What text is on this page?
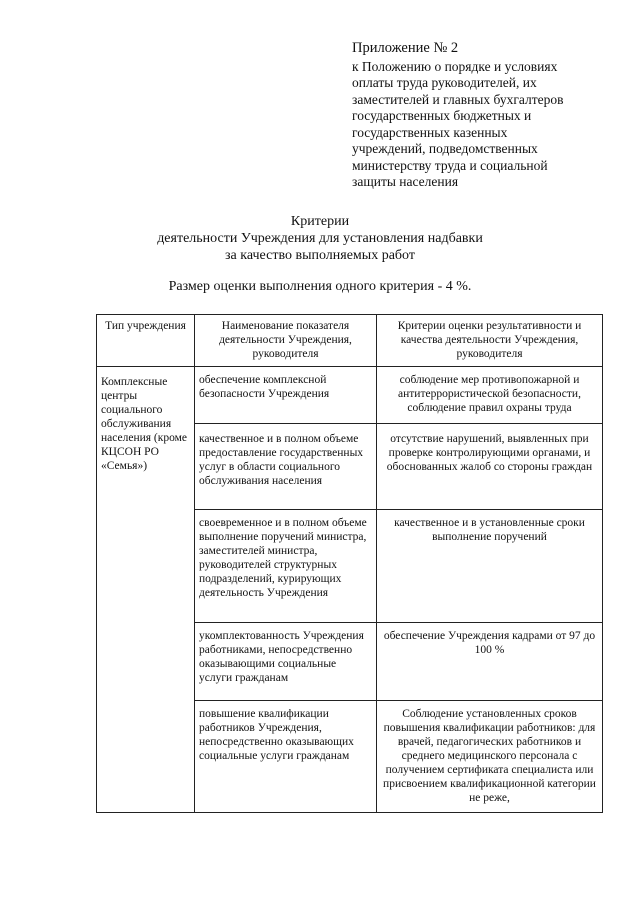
Приложение № 2
к Положению о порядке и условиях
оплаты труда руководителей, их
заместителей и главных бухгалтеров
государственных бюджетных и
государственных казенных
учреждений, подведомственных
министерству труда и социальной
защиты населения
Критерии
деятельности Учреждения для установления надбавки
за качество выполняемых работ
Размер оценки выполнения одного критерия - 4 %.
Тип учреждения	Наименование показателя деятельности Учреждения, руководителя	Критерии оценки результативности и качества деятельности Учреждения, руководителя

Комплексные центры социального обслуживания населения (кроме КЦСОН РО «Семья»)	обеспечение комплексной безопасности Учреждения	соблюдение мер противопожарной и антитеррористической безопасности, соблюдение правил охраны труда
	качественное и в полном объеме предоставление государственных услуг в области социального обслуживания населения	отсутствие нарушений, выявленных при проверке контролирующими органами, и обоснованных жалоб со стороны граждан
	своевременное и в полном объеме выполнение поручений министра, заместителей министра, руководителей структурных подразделений, курирующих деятельность Учреждения	качественное и в установленные сроки выполнение поручений
	укомплектованность Учреждения работниками, непосредственно оказывающими социальные услуги гражданам	обеспечение Учреждения кадрами от 97 до 100 %
	повышение квалификации работников Учреждения, непосредственно оказывающих социальные услуги гражданам	Соблюдение установленных сроков повышения квалификации работников: для врачей, педагогических работников и среднего медицинского персонала с получением сертификата специалиста или присвоением квалификационной категории не реже,
